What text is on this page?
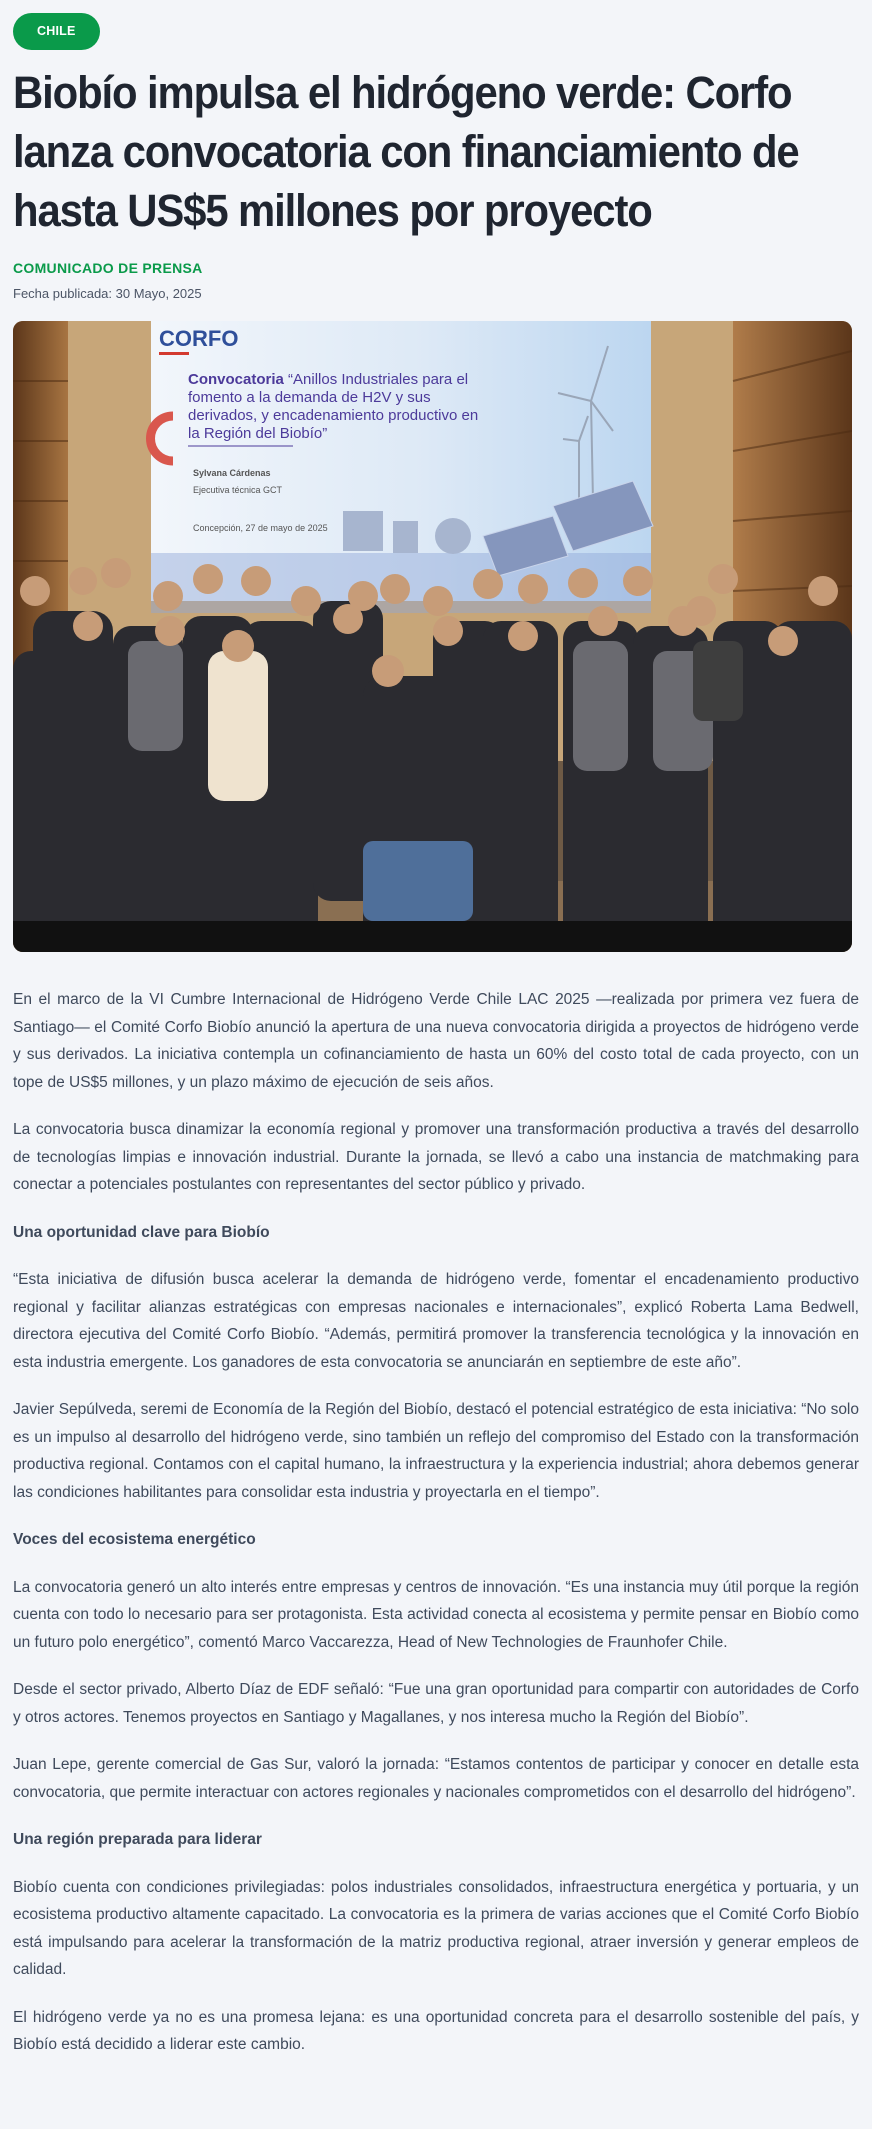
CHILE
Biobío impulsa el hidrógeno verde: Corfo lanza convocatoria con financiamiento de hasta US$5 millones por proyecto
COMUNICADO DE PRENSA
Fecha publicada: 30 Mayo, 2025
CORFO
Convocatoria “Anillos Industriales para el
fomento a la demanda de H2V y sus
derivados, y encadenamiento productivo en
la Región del Biobío”
Sylvana Cárdenas
Ejecutiva técnica GCT
Concepción, 27 de mayo de 2025

En el marco de la VI Cumbre Internacional de Hidrógeno Verde Chile LAC 2025 —realizada por primera vez fuera de Santiago— el Comité Corfo Biobío anunció la apertura de una nueva convocatoria dirigida a proyectos de hidrógeno verde y sus derivados. La iniciativa contempla un cofinanciamiento de hasta un 60% del costo total de cada proyecto, con un tope de US$5 millones, y un plazo máximo de ejecución de seis años.

La convocatoria busca dinamizar la economía regional y promover una transformación productiva a través del desarrollo de tecnologías limpias e innovación industrial. Durante la jornada, se llevó a cabo una instancia de matchmaking para conectar a potenciales postulantes con representantes del sector público y privado.

Una oportunidad clave para Biobío

“Esta iniciativa de difusión busca acelerar la demanda de hidrógeno verde, fomentar el encadenamiento productivo regional y facilitar alianzas estratégicas con empresas nacionales e internacionales”, explicó Roberta Lama Bedwell, directora ejecutiva del Comité Corfo Biobío. “Además, permitirá promover la transferencia tecnológica y la innovación en esta industria emergente. Los ganadores de esta convocatoria se anunciarán en septiembre de este año”.

Javier Sepúlveda, seremi de Economía de la Región del Biobío, destacó el potencial estratégico de esta iniciativa: “No solo es un impulso al desarrollo del hidrógeno verde, sino también un reflejo del compromiso del Estado con la transformación productiva regional. Contamos con el capital humano, la infraestructura y la experiencia industrial; ahora debemos generar las condiciones habilitantes para consolidar esta industria y proyectarla en el tiempo”.

Voces del ecosistema energético

La convocatoria generó un alto interés entre empresas y centros de innovación. “Es una instancia muy útil porque la región cuenta con todo lo necesario para ser protagonista. Esta actividad conecta al ecosistema y permite pensar en Biobío como un futuro polo energético”, comentó Marco Vaccarezza, Head of New Technologies de Fraunhofer Chile.

Desde el sector privado, Alberto Díaz de EDF señaló: “Fue una gran oportunidad para compartir con autoridades de Corfo y otros actores. Tenemos proyectos en Santiago y Magallanes, y nos interesa mucho la Región del Biobío”.

Juan Lepe, gerente comercial de Gas Sur, valoró la jornada: “Estamos contentos de participar y conocer en detalle esta convocatoria, que permite interactuar con actores regionales y nacionales comprometidos con el desarrollo del hidrógeno”.

Una región preparada para liderar

Biobío cuenta con condiciones privilegiadas: polos industriales consolidados, infraestructura energética y portuaria, y un ecosistema productivo altamente capacitado. La convocatoria es la primera de varias acciones que el Comité Corfo Biobío está impulsando para acelerar la transformación de la matriz productiva regional, atraer inversión y generar empleos de calidad.

El hidrógeno verde ya no es una promesa lejana: es una oportunidad concreta para el desarrollo sostenible del país, y Biobío está decidido a liderar este cambio.
